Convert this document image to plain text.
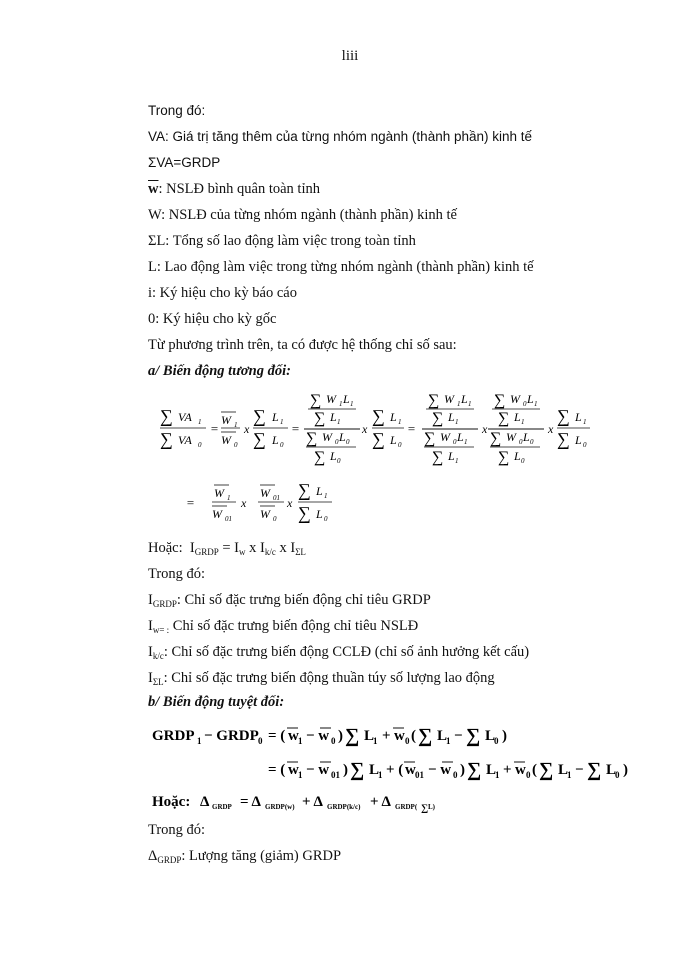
liii
Trong đó:
VA: Giá trị tăng thêm của từng nhóm ngành (thành phần) kinh tế
ΣVA=GRDP
$\overline{w}$: NSLĐ bình quân toàn tỉnh
W: NSLĐ của từng nhóm ngành (thành phần) kinh tế
ΣL: Tổng số lao động làm việc trong toàn tỉnh
L: Lao động làm việc trong từng nhóm ngành (thành phần) kinh tế
i: Ký hiệu cho kỳ báo cáo
0: Ký hiệu cho kỳ gốc
Từ phương trình trên, ta có được hệ thống chỉ số sau:
a/ Biến động tương đối:
∑ VA 1
∑ VA 0
=
W 1
W 0
x
∑ L 1
∑ L 0
=
∑ W 1 L 1
∑ L 1
∑ W 0 L 0
∑ L 0
x
∑ L 1
∑ L 0
=
∑ W 1 L 1
∑ L 1
∑ W 0 L 1
∑ L 1
x
∑ W 0 L 1
∑ L 1
∑ W 0 L 0
∑ L 0
x
∑ L 1
∑ L 0
=
W 1
W 01
x
W 01
W 0
x
∑ L 1
∑ L 0
Hoặc:  $I_{GRDP} = I_w$ x $I_{k/c}$ x $I_{\Sigma L}$
Trong đó:
$I_{GRDP}$: Chỉ số đặc trưng biến động chỉ tiêu GRDP
$I_{w= :}$ Chỉ số đặc trưng biến động chỉ tiêu NSLĐ
$I_{k/c}$: Chỉ số đặc trưng biến động CCLĐ (chỉ số ảnh hưởng kết cấu)
$I_{\Sigma L}$: Chỉ số đặc trưng biến động thuần túy số lượng lao động
b/ Biến động tuyệt đối:
GRDP 1 − GRDP 0 = ( w 1 − w 0 ) ∑ L
1 + w 0 ( ∑ L
1 − ∑ L
0 )
= ( w 1 − w 01 ) ∑ L
1 + ( w 01 − w 0 ) ∑ L
1 + w 0 ( ∑ L
1 − ∑ L
0 )
Hoặc: Δ GRDP = Δ GRDP(w) + Δ GRDP(k/c) + Δ GRDP( ∑ L)
Trong đó:
$\Delta_{GRDP}$: Lượng tăng (giảm) GRDP
